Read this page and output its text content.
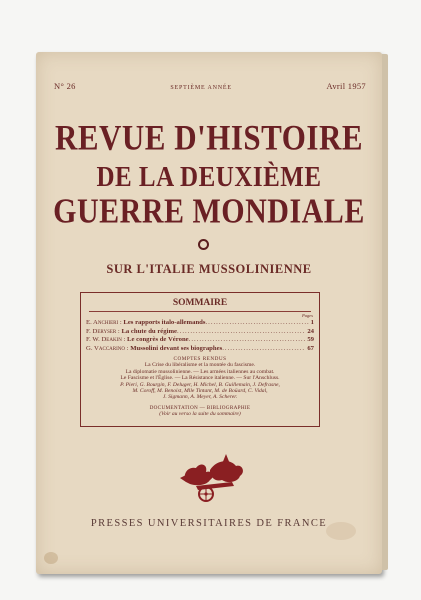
N° 26	SEPTIÈME ANNÉE	Avril 1957
REVUE D'HISTOIRE
DE LA DEUXIÈME
GUERRE MONDIALE
SUR L'ITALIE MUSSOLINIENNE
SOMMAIRE
Pages
E. Anchieri :
Les rapports italo-allemands .....	1
F. Deryser :
La chute du régime .....	24
F. W. Deakin :
Le congrès de Vérone .....	59
G. Vaccarino :
Mussolini devant ses biographes .....	67
COMPTES RENDUS
La Crise du libéralisme et la montée du fascisme.
La diplomatie mussolinienne. — Les armées italiennes au combat.
Le Fascisme et l'Église. — La Résistance italienne. — Sur l'Anschluss.
P. Pieri, G. Bourgin, F. Deluger, H. Michel, B. Guillemain, J. Defrasne,
M. Coroff, M. Benoist, Mlle Tintant, M. de Boüard, C. Vidal,
J. Sigmann, A. Meyer, A. Scherer.
DOCUMENTATION — BIBLIOGRAPHIE
(Voir au verso la suite du sommaire)
PRESSES UNIVERSITAIRES DE FRANCE
